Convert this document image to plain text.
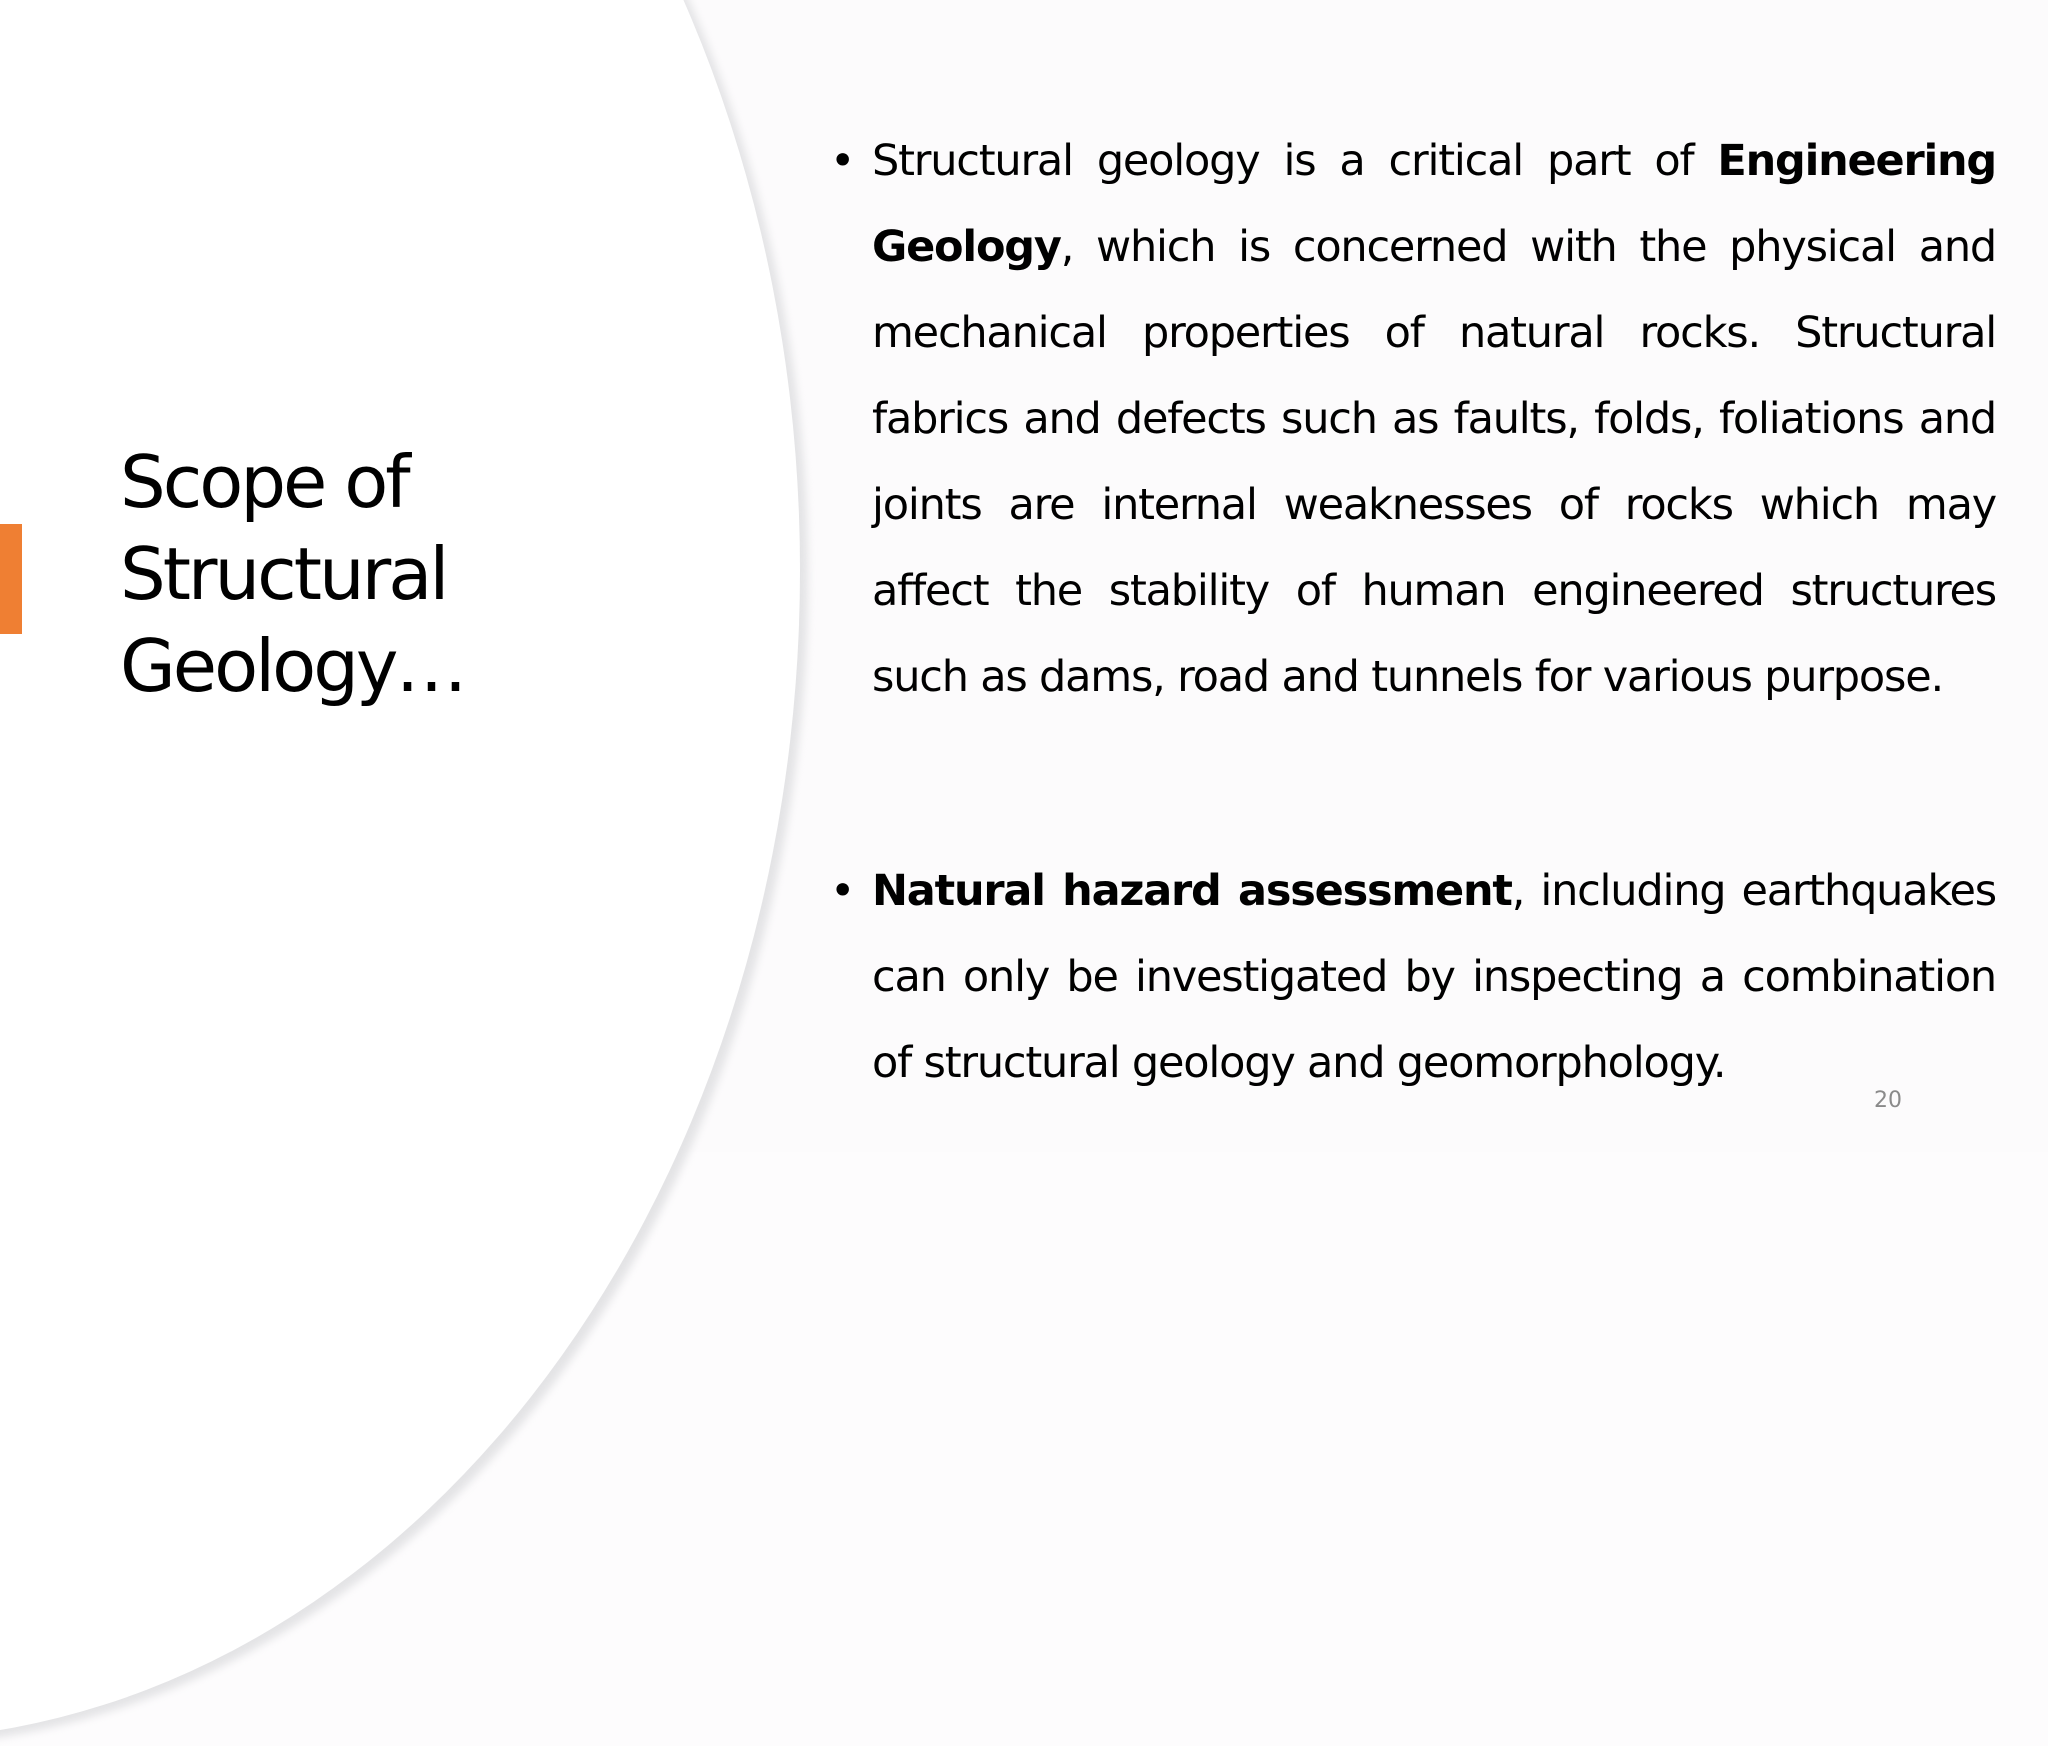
Scope of Structural Geology…
• Structural geology is a critical part of Engineering Geology, which is concerned with the physical and mechanical properties of natural rocks. Structural fabrics and defects such as faults, folds, foliations and joints are internal weaknesses of rocks which may affect the stability of human engineered structures such as dams, road and tunnels for various purpose.
• Natural hazard assessment, including earthquakes can only be investigated by inspecting a combination of structural geology and geomorphology.
20
